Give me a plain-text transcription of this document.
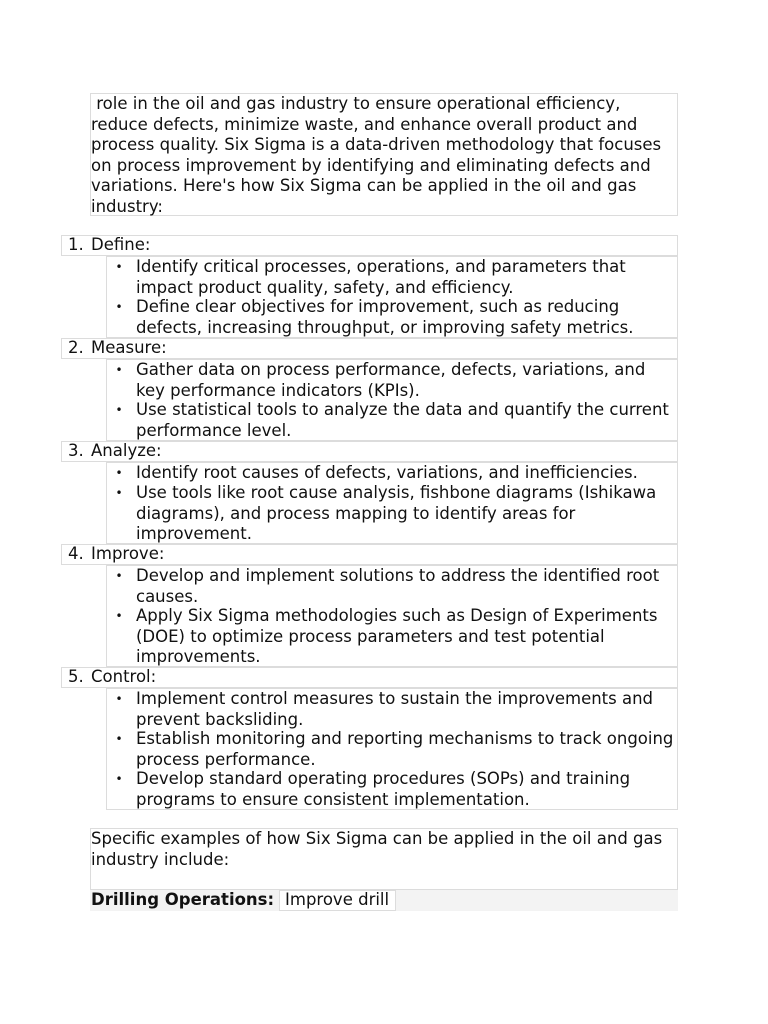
role in the oil and gas industry to ensure operational efficiency, reduce defects, minimize waste, and enhance overall product and process quality. Six Sigma is a data-driven methodology that focuses on process improvement by identifying and eliminating defects and variations. Here's how Six Sigma can be applied in the oil and gas industry:
1. Define:
• Identify critical processes, operations, and parameters that impact product quality, safety, and efficiency.
• Define clear objectives for improvement, such as reducing defects, increasing throughput, or improving safety metrics.
2. Measure:
• Gather data on process performance, defects, variations, and key performance indicators (KPIs).
• Use statistical tools to analyze the data and quantify the current performance level.
3. Analyze:
• Identify root causes of defects, variations, and inefficiencies.
• Use tools like root cause analysis, fishbone diagrams (Ishikawa diagrams), and process mapping to identify areas for improvement.
4. Improve:
• Develop and implement solutions to address the identified root causes.
• Apply Six Sigma methodologies such as Design of Experiments (DOE) to optimize process parameters and test potential improvements.
5. Control:
• Implement control measures to sustain the improvements and prevent backsliding.
• Establish monitoring and reporting mechanisms to track ongoing process performance.
• Develop standard operating procedures (SOPs) and training programs to ensure consistent implementation.
Specific examples of how Six Sigma can be applied in the oil and gas industry include:
Drilling Operations: Improve drill
